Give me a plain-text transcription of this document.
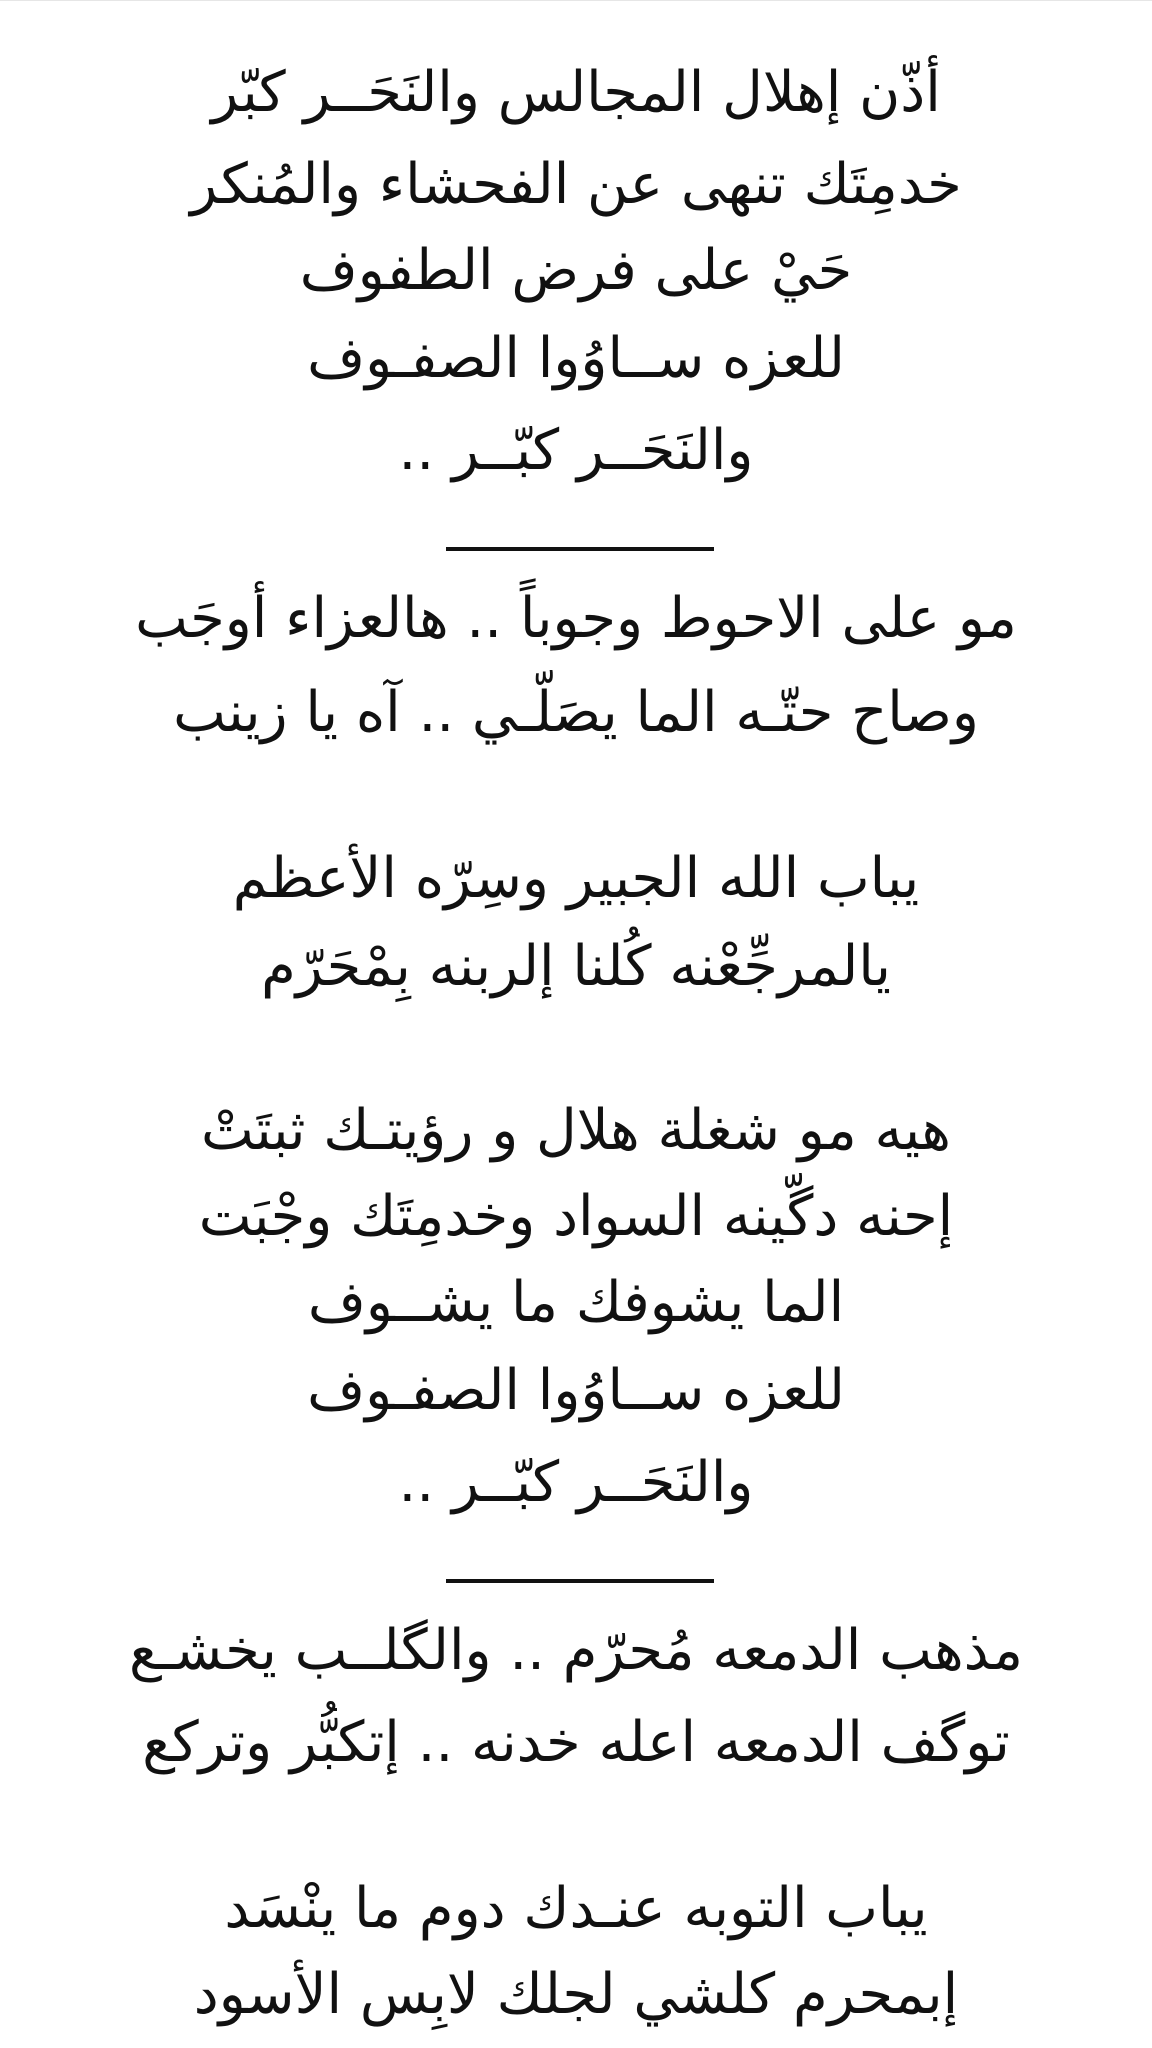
أذّن إهلال المجالس والنَحَــر كبّر
خدمِتَك تنهى عن الفحشاء والمُنكر
حَيْ على فرض الطفوف
للعزه ســاوُوا الصفـوف
والنَحَــر كبّــر ..
مو على الاحوط وجوباً .. هالعزاء أوجَب
وصاح حتّـه الما يصَلّـي .. آه يا زينب
يباب الله الجبير وسِرّه الأعظم
يالمرجِّعْنه كُلنا إلربنه بِمْحَرّم
هيه مو شغلة هلال و رؤيتـك ثبتَتْ
إحنه دگّينه السواد وخدمِتَك وجْبَت
الما يشوفك ما يشــوف
للعزه ســاوُوا الصفـوف
والنَحَــر كبّــر ..
مذهب الدمعه مُحرّم .. والگلــب يخشـع
توگف الدمعه اعله خدنه .. إتكبُّر وتركع
يباب التوبه عنـدك دوم ما ينْسَد
إبمحرم كلشي لجلك لابِس الأسود
